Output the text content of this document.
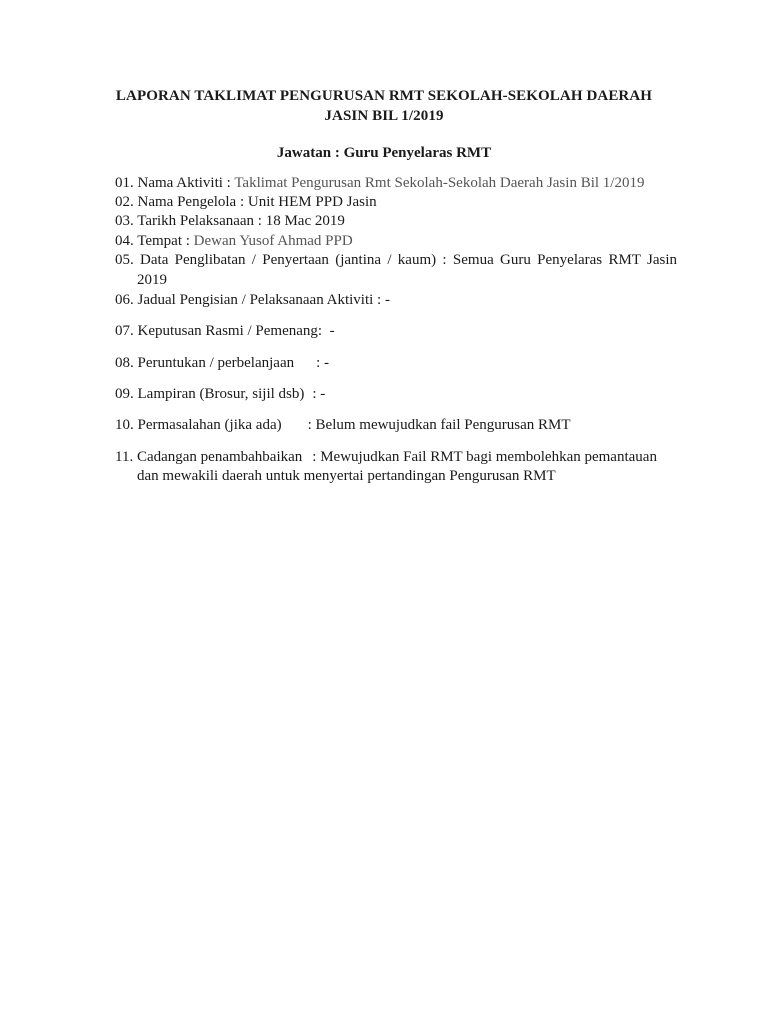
LAPORAN TAKLIMAT PENGURUSAN RMT SEKOLAH-SEKOLAH DAERAH
JASIN BIL 1/2019
Jawatan : Guru Penyelaras RMT
01. Nama Aktiviti : Taklimat Pengurusan Rmt Sekolah-Sekolah Daerah Jasin Bil 1/2019
02. Nama Pengelola : Unit HEM PPD Jasin
03. Tarikh Pelaksanaan : 18 Mac 2019
04. Tempat : Dewan Yusof Ahmad PPD
05. Data Penglibatan / Penyertaan (jantina / kaum) : Semua Guru Penyelaras RMT Jasin 2019
06. Jadual Pengisian / Pelaksanaan Aktiviti : -
07. Keputusan Rasmi / Pemenang: -
08. Peruntukan / perbelanjaan : -
09. Lampiran (Brosur, sijil dsb) : -
10. Permasalahan (jika ada) : Belum mewujudkan fail Pengurusan RMT
11. Cadangan penambahbaikan : Mewujudkan Fail RMT bagi membolehkan pemantauan
dan mewakili daerah untuk menyertai pertandingan Pengurusan RMT
